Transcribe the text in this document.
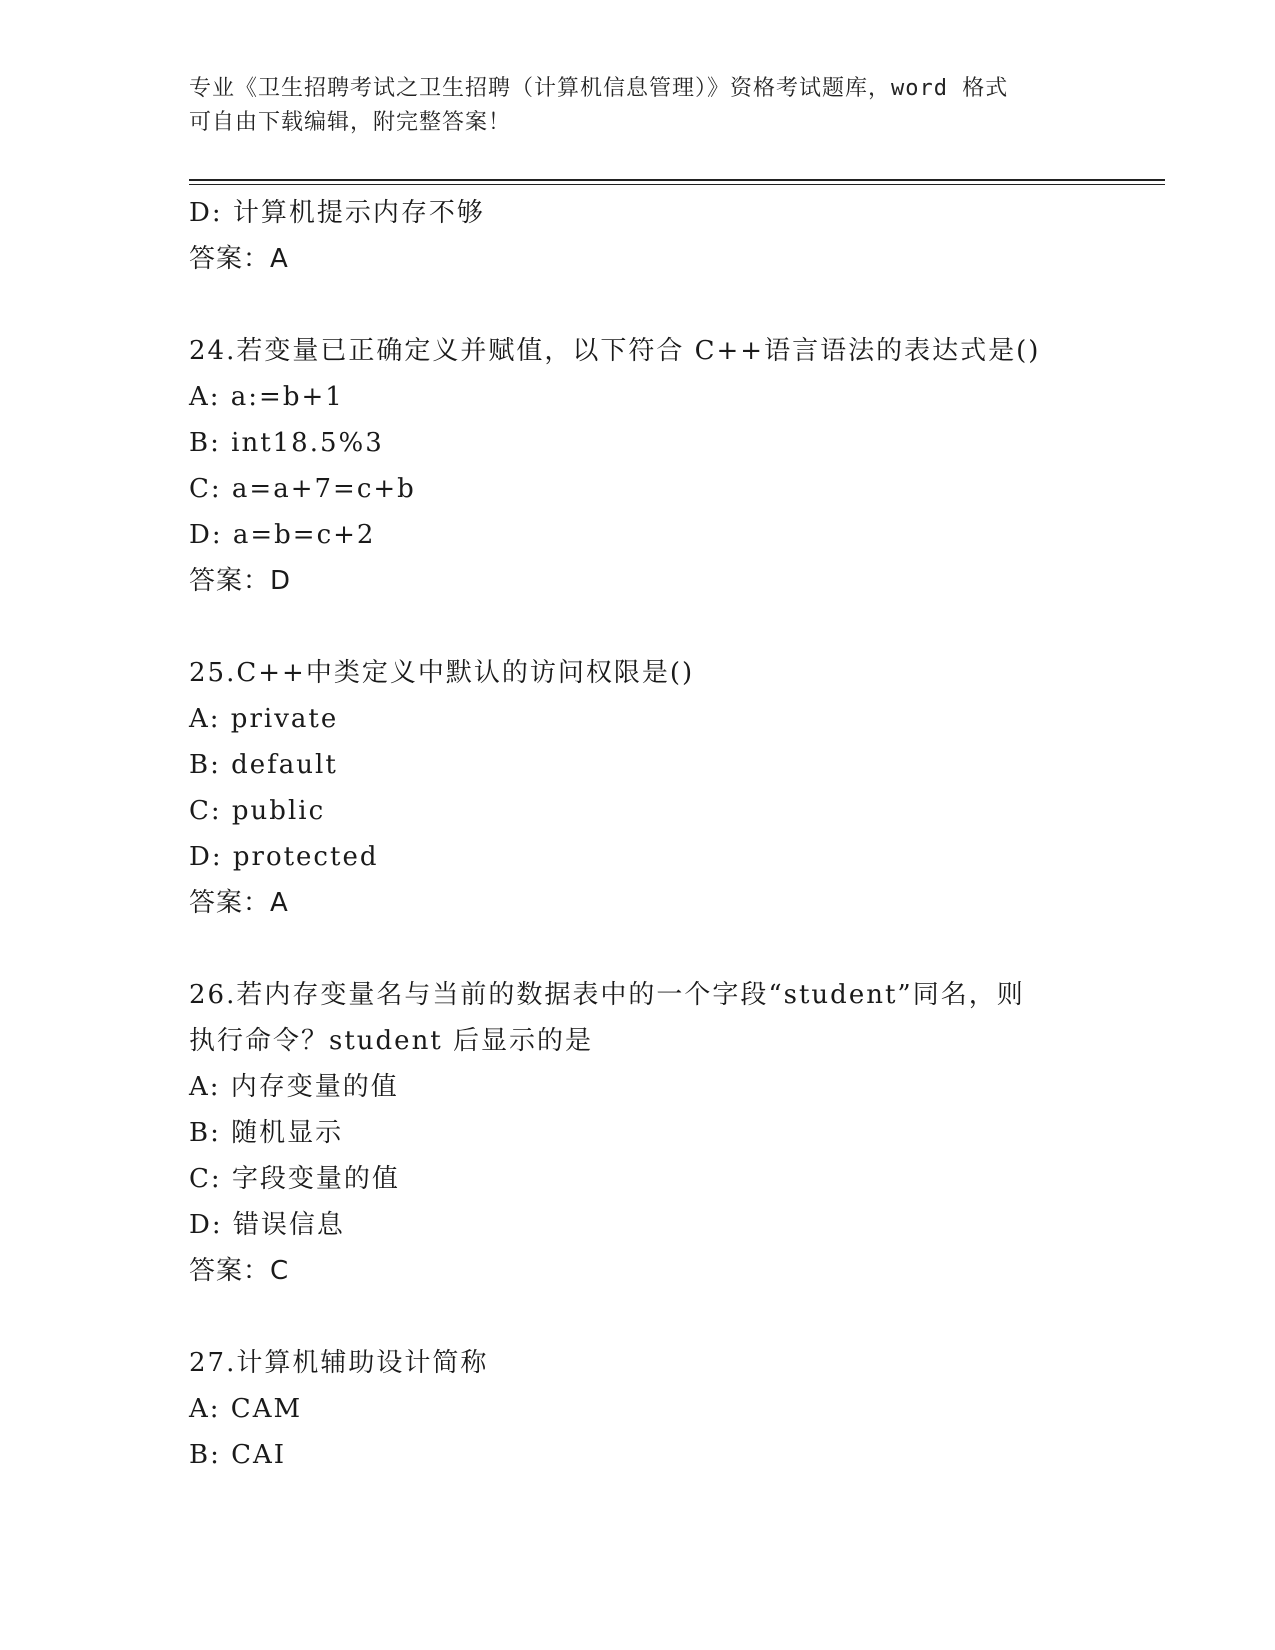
专业《卫生招聘考试之卫生招聘（计算机信息管理）》资格考试题库，word 格式
可自由下载编辑，附完整答案！
D: 计算机提示内存不够
答案：A
24.若变量已正确定义并赋值，以下符合 C++语言语法的表达式是()
A: a:=b+1
B: int18.5%3
C: a=a+7=c+b
D: a=b=c+2
答案：D
25.C++中类定义中默认的访问权限是()
A: private
B: default
C: public
D: protected
答案：A
26.若内存变量名与当前的数据表中的一个字段“student”同名，则
执行命令？student 后显示的是
A: 内存变量的值
B: 随机显示
C: 字段变量的值
D: 错误信息
答案：C
27.计算机辅助设计简称
A: CAM
B: CAI
